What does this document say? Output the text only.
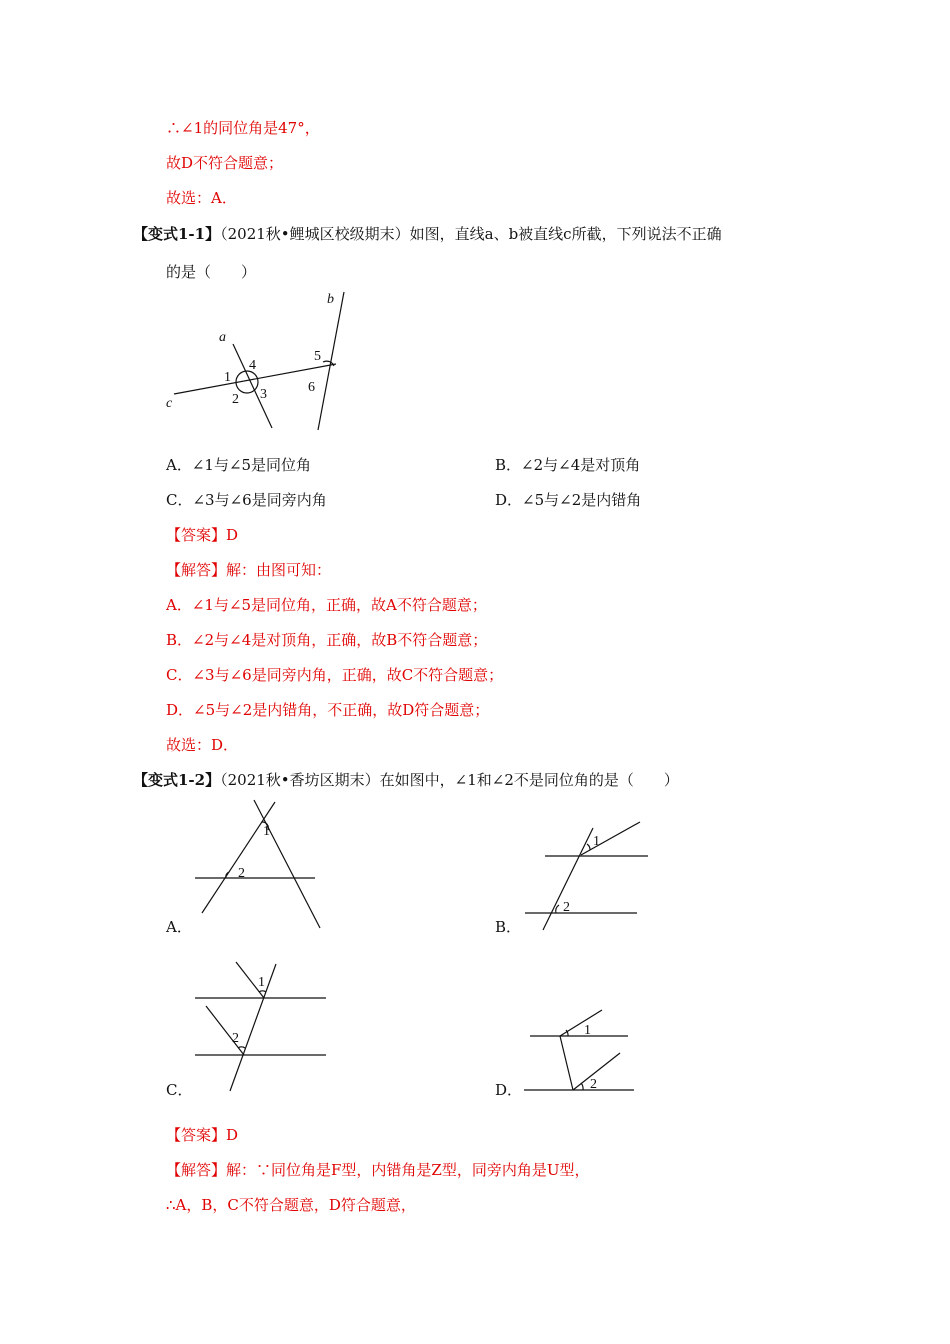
∴∠1的同位角是47°，
故D不符合题意；
故选：A．
【变式1-1】（2021秋•鲤城区校级期末）如图，直线a、b被直线c所截，下列说法不正确
的是（　　）
a
b
c
1
2 3
4
5
6
A．∠1与∠5是同位角	B．∠2与∠4是对顶角
C．∠3与∠6是同旁内角	D．∠5与∠2是内错角
【答案】D
【解答】解：由图可知：
A．∠1与∠5是同位角，正确，故A不符合题意；
B．∠2与∠4是对顶角，正确，故B不符合题意；
C．∠3与∠6是同旁内角，正确，故C不符合题意；
D．∠5与∠2是内错角，不正确，故D符合题意；
故选：D．
【变式1-2】（2021秋•香坊区期末）在如图中，∠1和∠2不是同位角的是（　　）
1
2
A．
1
2
B．
1
2
C．
1
2
D．
【答案】D
【解答】解：∵同位角是F型，内错角是Z型，同旁内角是U型，
∴A，B，C不符合题意，D符合题意，
